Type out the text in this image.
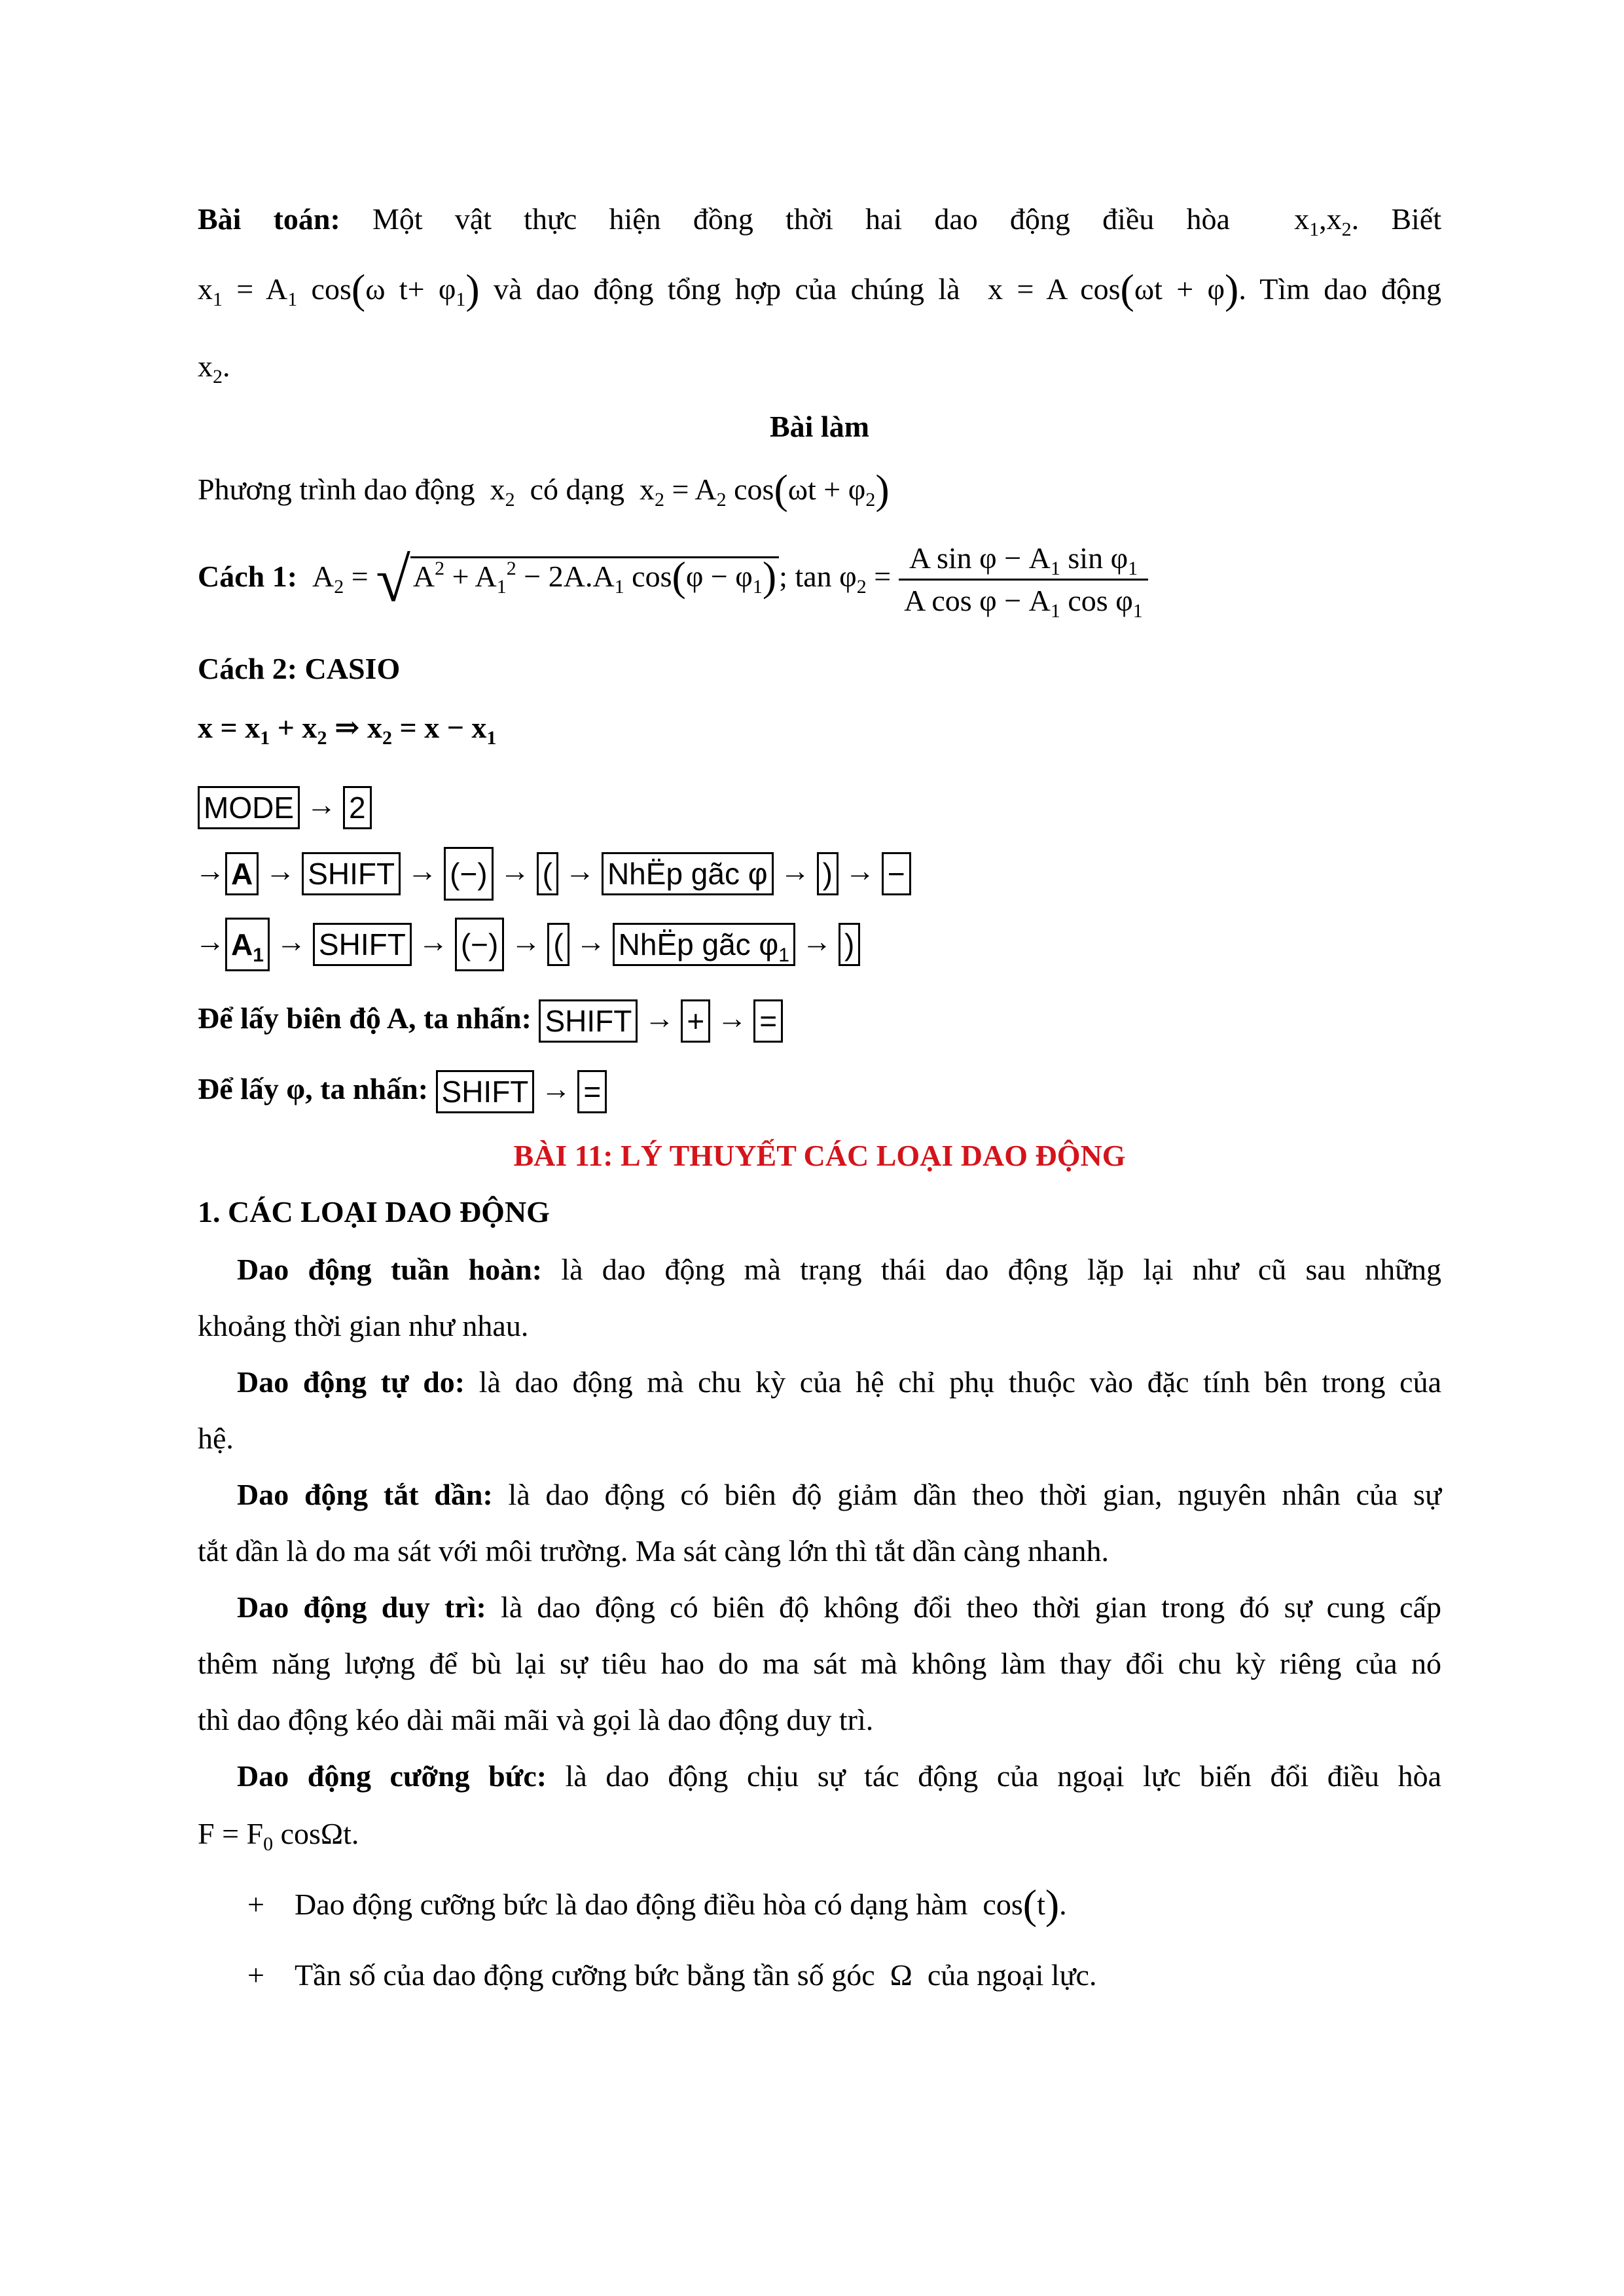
Bài toán: Một vật thực hiện đồng thời hai dao động điều hòa  $x_1,x_2$. Biết
$x_1 = A_1$ cos(ω $t+ \varphi_1$) và dao động tổng hợp của chúng là  x = A cos(ωt + φ). Tìm dao động
$x_2$.
Bài làm
Phương trình dao động  $x_2$ có dạng  $x_2 = A_2$ $\cos(\omega t + \varphi_2)$
Cách 1:  $A_2 = √A^2 + A_1^2 - 2A.A_1$ $\cos(\varphi - \varphi_1)$; $\tan \varphi_2 = \frac{A \sin \varphi - A_1 \sin \varphi_1}{A \cos \varphi - A_1 \cos \varphi_1}$
Cách 2: CASIO
$x = x_1 + x_2$ ⇒ $x_2 = x - x_1$
MODE → 2
→ A → SHIFT → (−) → ( → NhËp gãc φ → ) → −
→ $A_1$ → SHIFT → (−) → ( → NhËp gãc $\varphi_1$ → )
Để lấy biên độ A, ta nhấn: SHIFT → + → =
Để lấy φ, ta nhấn: SHIFT → =
BÀI 11: LÝ THUYẾT CÁC LOẠI DAO ĐỘNG
1. CÁC LOẠI DAO ĐỘNG
Dao động tuần hoàn: là dao động mà trạng thái dao động lặp lại như cũ sau những
khoảng thời gian như nhau.
Dao động tự do: là dao động mà chu kỳ của hệ chỉ phụ thuộc vào đặc tính bên trong của
hệ.
Dao động tắt dần: là dao động có biên độ giảm dần theo thời gian, nguyên nhân của sự
tắt dần là do ma sát với môi trường. Ma sát càng lớn thì tắt dần càng nhanh.
Dao động duy trì: là dao động có biên độ không đổi theo thời gian trong đó sự cung cấp
thêm năng lượng để bù lại sự tiêu hao do ma sát mà không làm thay đổi chu kỳ riêng của nó
thì dao động kéo dài mãi mãi và gọi là dao động duy trì.
Dao động cưỡng bức: là dao động chịu sự tác động của ngoại lực biến đổi điều hòa
$F = F_0$ cosΩt.
+ Dao động cưỡng bức là dao động điều hòa có dạng hàm  cos(t).
+ Tần số của dao động cưỡng bức bằng tần số góc  Ω  của ngoại lực.
